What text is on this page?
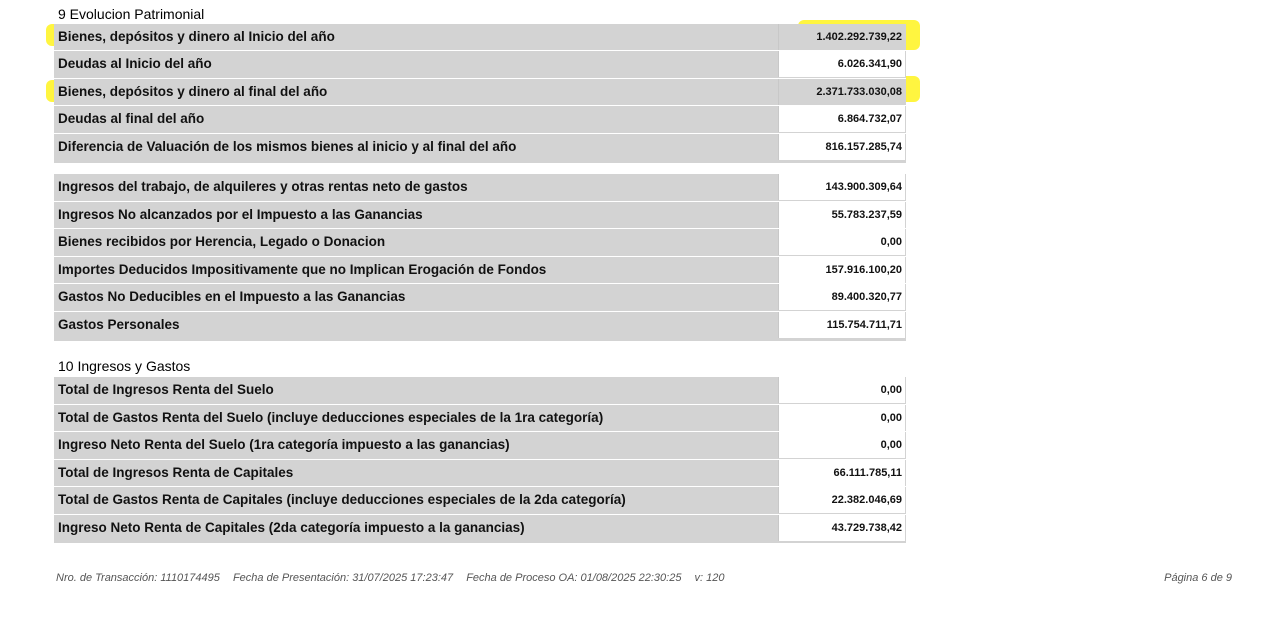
9 Evolucion Patrimonial
Bienes, depósitos y dinero al Inicio del año	1.402.292.739,22
Deudas al Inicio del año	6.026.341,90
Bienes, depósitos y dinero al final del año	2.371.733.030,08
Deudas al final del año	6.864.732,07
Diferencia de Valuación de los mismos bienes al inicio y al final del año	816.157.285,74
Ingresos del trabajo, de alquileres y otras rentas neto de gastos	143.900.309,64
Ingresos No alcanzados por el Impuesto a las Ganancias	55.783.237,59
Bienes recibidos por Herencia, Legado o Donacion	0,00
Importes Deducidos Impositivamente que no Implican Erogación de Fondos	157.916.100,20
Gastos No Deducibles en el Impuesto a las Ganancias	89.400.320,77
Gastos Personales	115.754.711,71
10 Ingresos y Gastos
Total de Ingresos Renta del Suelo	0,00
Total de Gastos Renta del Suelo (incluye deducciones especiales de la 1ra categoría)	0,00
Ingreso Neto Renta del Suelo (1ra categoría impuesto a las ganancias)	0,00
Total de Ingresos Renta de Capitales	66.111.785,11
Total de Gastos Renta de Capitales (incluye deducciones especiales de la 2da categoría)	22.382.046,69
Ingreso Neto Renta de Capitales (2da categoría impuesto a la ganancias)	43.729.738,42
Nro. de Transacción: 1110174495 Fecha de Presentación: 31/07/2025 17:23:47 Fecha de Proceso OA: 01/08/2025 22:30:25 v: 120	Página 6 de 9
